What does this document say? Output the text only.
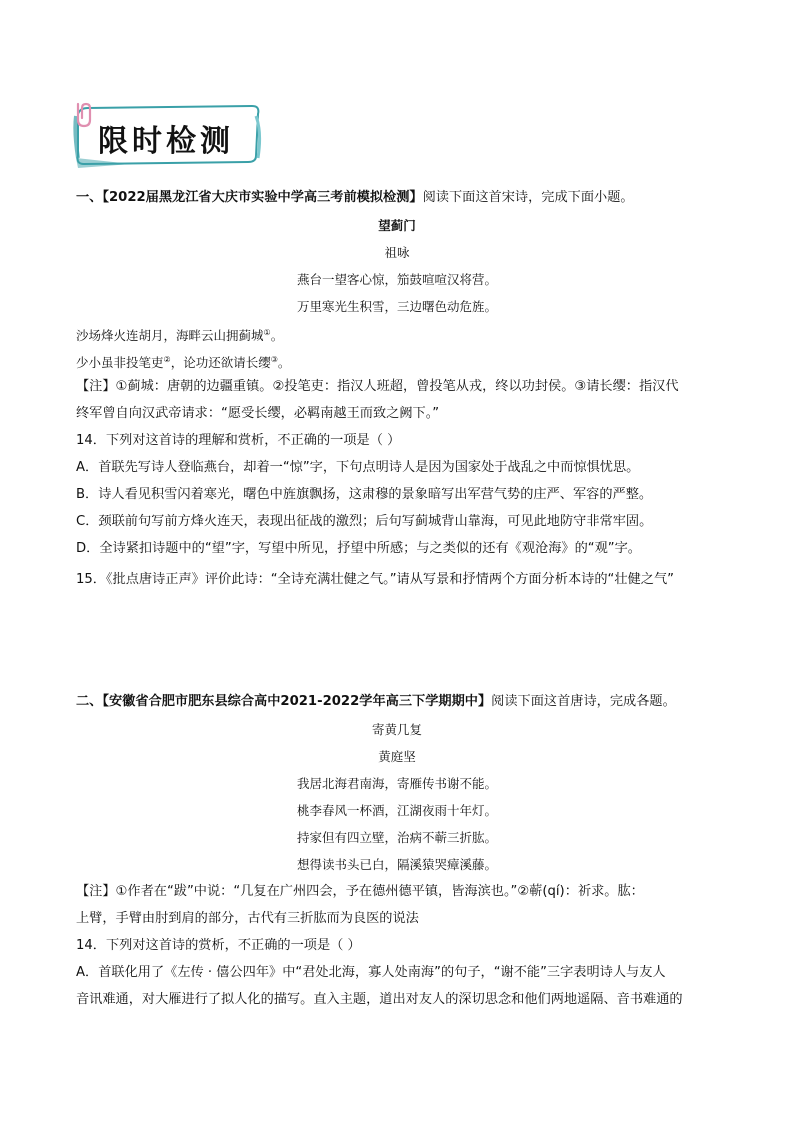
限时检测
一、【2022届黑龙江省大庆市实验中学高三考前模拟检测】阅读下面这首宋诗，完成下面小题。
望蓟门
祖咏
燕台一望客心惊，笳鼓喧喧汉将营。
万里寒光生积雪，三边曙色动危旌。
沙场烽火连胡月，海畔云山拥蓟城①。
少小虽非投笔吏②，论功还欲请长缨③。
【注】①蓟城：唐朝的边疆重镇。②投笔吏：指汉人班超，曾投笔从戎，终以功封侯。③请长缨：指汉代
终军曾自向汉武帝请求：“愿受长缨，必羁南越王而致之阙下。”
14．下列对这首诗的理解和赏析，不正确的一项是（ ）
A．首联先写诗人登临燕台，却着一“惊”字，下句点明诗人是因为国家处于战乱之中而惊惧忧思。
B．诗人看见积雪闪着寒光，曙色中旌旗飘扬，这肃穆的景象暗写出军营气势的庄严、军容的严整。
C．颈联前句写前方烽火连天，表现出征战的激烈；后句写蓟城背山靠海，可见此地防守非常牢固。
D．全诗紧扣诗题中的“望”字，写望中所见，抒望中所感；与之类似的还有《观沧海》的“观”字。
15．《批点唐诗正声》评价此诗：“全诗充满壮健之气。”请从写景和抒情两个方面分析本诗的“壮健之气”
二、【安徽省合肥市肥东县综合高中2021-2022学年高三下学期期中】阅读下面这首唐诗，完成各题。
寄黄几复
黄庭坚
我居北海君南海，寄雁传书谢不能。
桃李春风一杯酒，江湖夜雨十年灯。
持家但有四立壁，治病不蕲三折肱。
想得读书头已白，隔溪猿哭瘴溪藤。
【注】①作者在“跋”中说：“几复在广州四会，予在德州德平镇，皆海滨也。”②蕲(qí)：祈求。肱：
上臂，手臂由肘到肩的部分，古代有三折肱而为良医的说法
14．下列对这首诗的赏析，不正确的一项是（ ）
A．首联化用了《左传 · 僖公四年》中“君处北海，寡人处南海”的句子，“谢不能”三字表明诗人与友人
音讯难通，对大雁进行了拟人化的描写。直入主题，道出对友人的深切思念和他们两地遥隔、音书难通的
